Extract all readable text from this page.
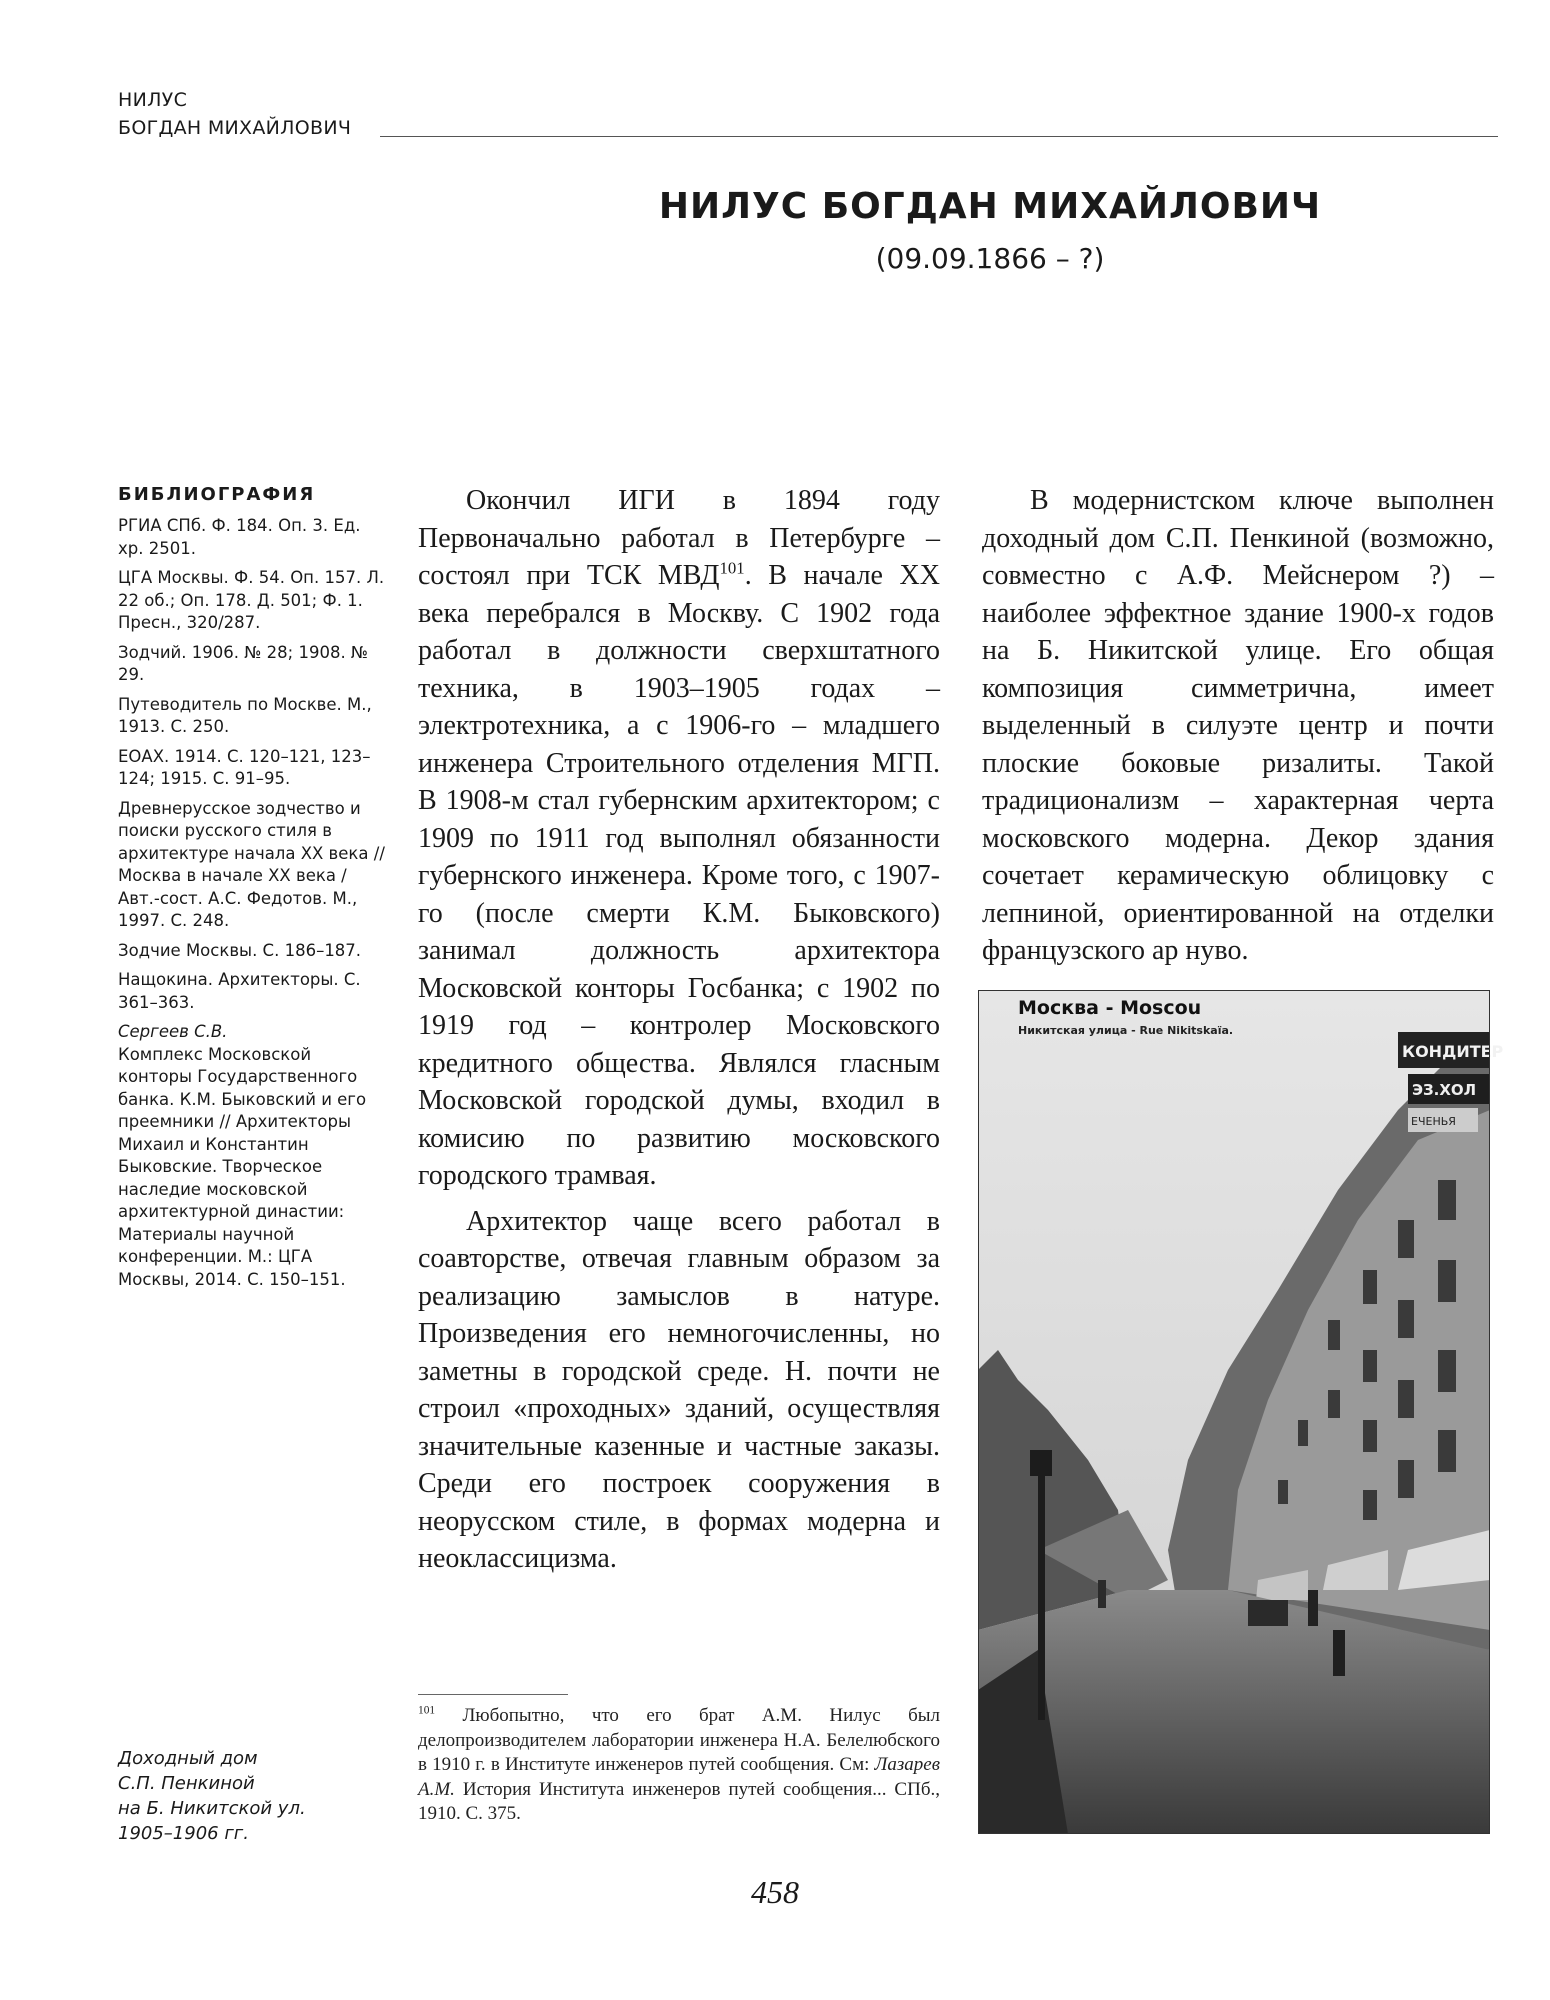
НИЛУС
БОГДАН МИХАЙЛОВИЧ
НИЛУС БОГДАН МИХАЙЛОВИЧ
(09.09.1866 – ?)
БИБЛИОГРАФИЯ
РГИА СПб. Ф. 184. Оп. 3. Ед. хр. 2501.
ЦГА Москвы. Ф. 54. Оп. 157. Л. 22 об.; Оп. 178. Д. 501; Ф. 1. Пресн., 320/287.
Зодчий. 1906. № 28; 1908. № 29.
Путеводитель по Москве. М., 1913. С. 250.
ЕОАХ. 1914. С. 120–121, 123–124; 1915. С. 91–95.
Древнерусское зодчество и поиски русского стиля в архитектуре начала XX века // Москва в начале XX века / Авт.-сост. А.С. Федотов. М., 1997. С. 248.
Зодчие Москвы. С. 186–187.
Нащокина. Архитекторы. С. 361–363.
Сергеев С.В.
Комплекс Московской конторы Государственного банка. К.М. Быковский и его преемники // Архитекторы Михаил и Константин Быковские. Творческое наследие московской архитектурной династии: Материалы научной конференции. М.: ЦГА Москвы, 2014. С. 150–151.

Окончил ИГИ в 1894 году Первоначально работал в Петербурге – состоял при ТСК МВД$^{101}$. В начале XX века перебрался в Москву. С 1902 года работал в должности сверхштатного техника, в 1903–1905 годах – электротехника, а с 1906-го – младшего инженера Строительного отделения МГП. В 1908-м стал губернским архитектором; с 1909 по 1911 год выполнял обязанности губернского инженера. Кроме того, с 1907-го (после смерти К.М. Быковского) занимал должность архитектора Московской конторы Госбанка; с 1902 по 1919 год – контролер Московского кредитного общества. Являлся гласным Московской городской думы, входил в комисию по развитию московского городского трамвая.

Архитектор чаще всего работал в соавторстве, отвечая главным образом за реализацию замыслов в натуре. Произведения его немногочисленны, но заметны в городской среде. Н. почти не строил «проходных» зданий, осуществляя значительные казенные и частные заказы. Среди его построек сооружения в неорусском стиле, в формах модерна и неоклассицизма.

В модернистском ключе выполнен доходный дом С.П. Пенкиной (возможно, совместно с А.Ф. Мейснером ?) – наиболее эффектное здание 1900-х годов на Б. Никитской улице. Его общая композиция симметрична, имеет выделенный в силуэте центр и почти плоские боковые ризалиты. Такой традиционализм – характерная черта московского модерна. Декор здания сочетает керамическую облицовку с лепниной, ориентированной на отделки французского ар нуво.

$^{101}$ Любопытно, что его брат А.М. Нилус был делопроизводителем лаборатории инженера Н.А. Белелюбского в 1910 г. в Институте инженеров путей сообщения. См: Лазарев А.М. История Института инженеров путей сообщения... СПб., 1910. С. 375.
Доходный дом
С.П. Пенкиной
на Б. Никитской ул.
1905–1906 гг.
КОНДИТЕР
ЭЗ.ХОЛ
ЕЧЕНЬЯ
Москва - Moscou
Никитская улица - Rue Nikitskaïa.
458
